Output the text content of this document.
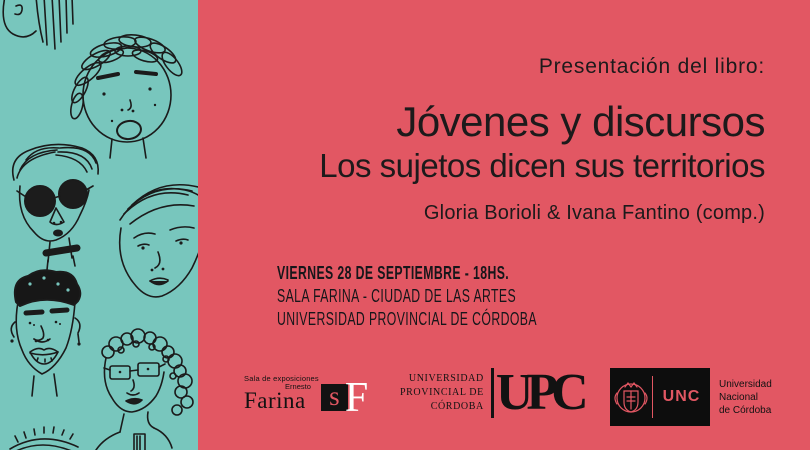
Presentación del libro:
Jóvenes y discursos
Los sujetos dicen sus territorios
Gloria Borioli & Ivana Fantino (comp.)
VIERNES 28 DE SEPTIEMBRE - 18HS.
SALA FARINA - CIUDAD DE LAS ARTES
UNIVERSIDAD PROVINCIAL DE CÓRDOBA
Sala de exposiciones
Ernesto
Farina s F	UNIVERSIDAD
PROVINCIAL DE
CÓRDOBA UPC	UNC
Universidad
Nacional
de Córdoba
